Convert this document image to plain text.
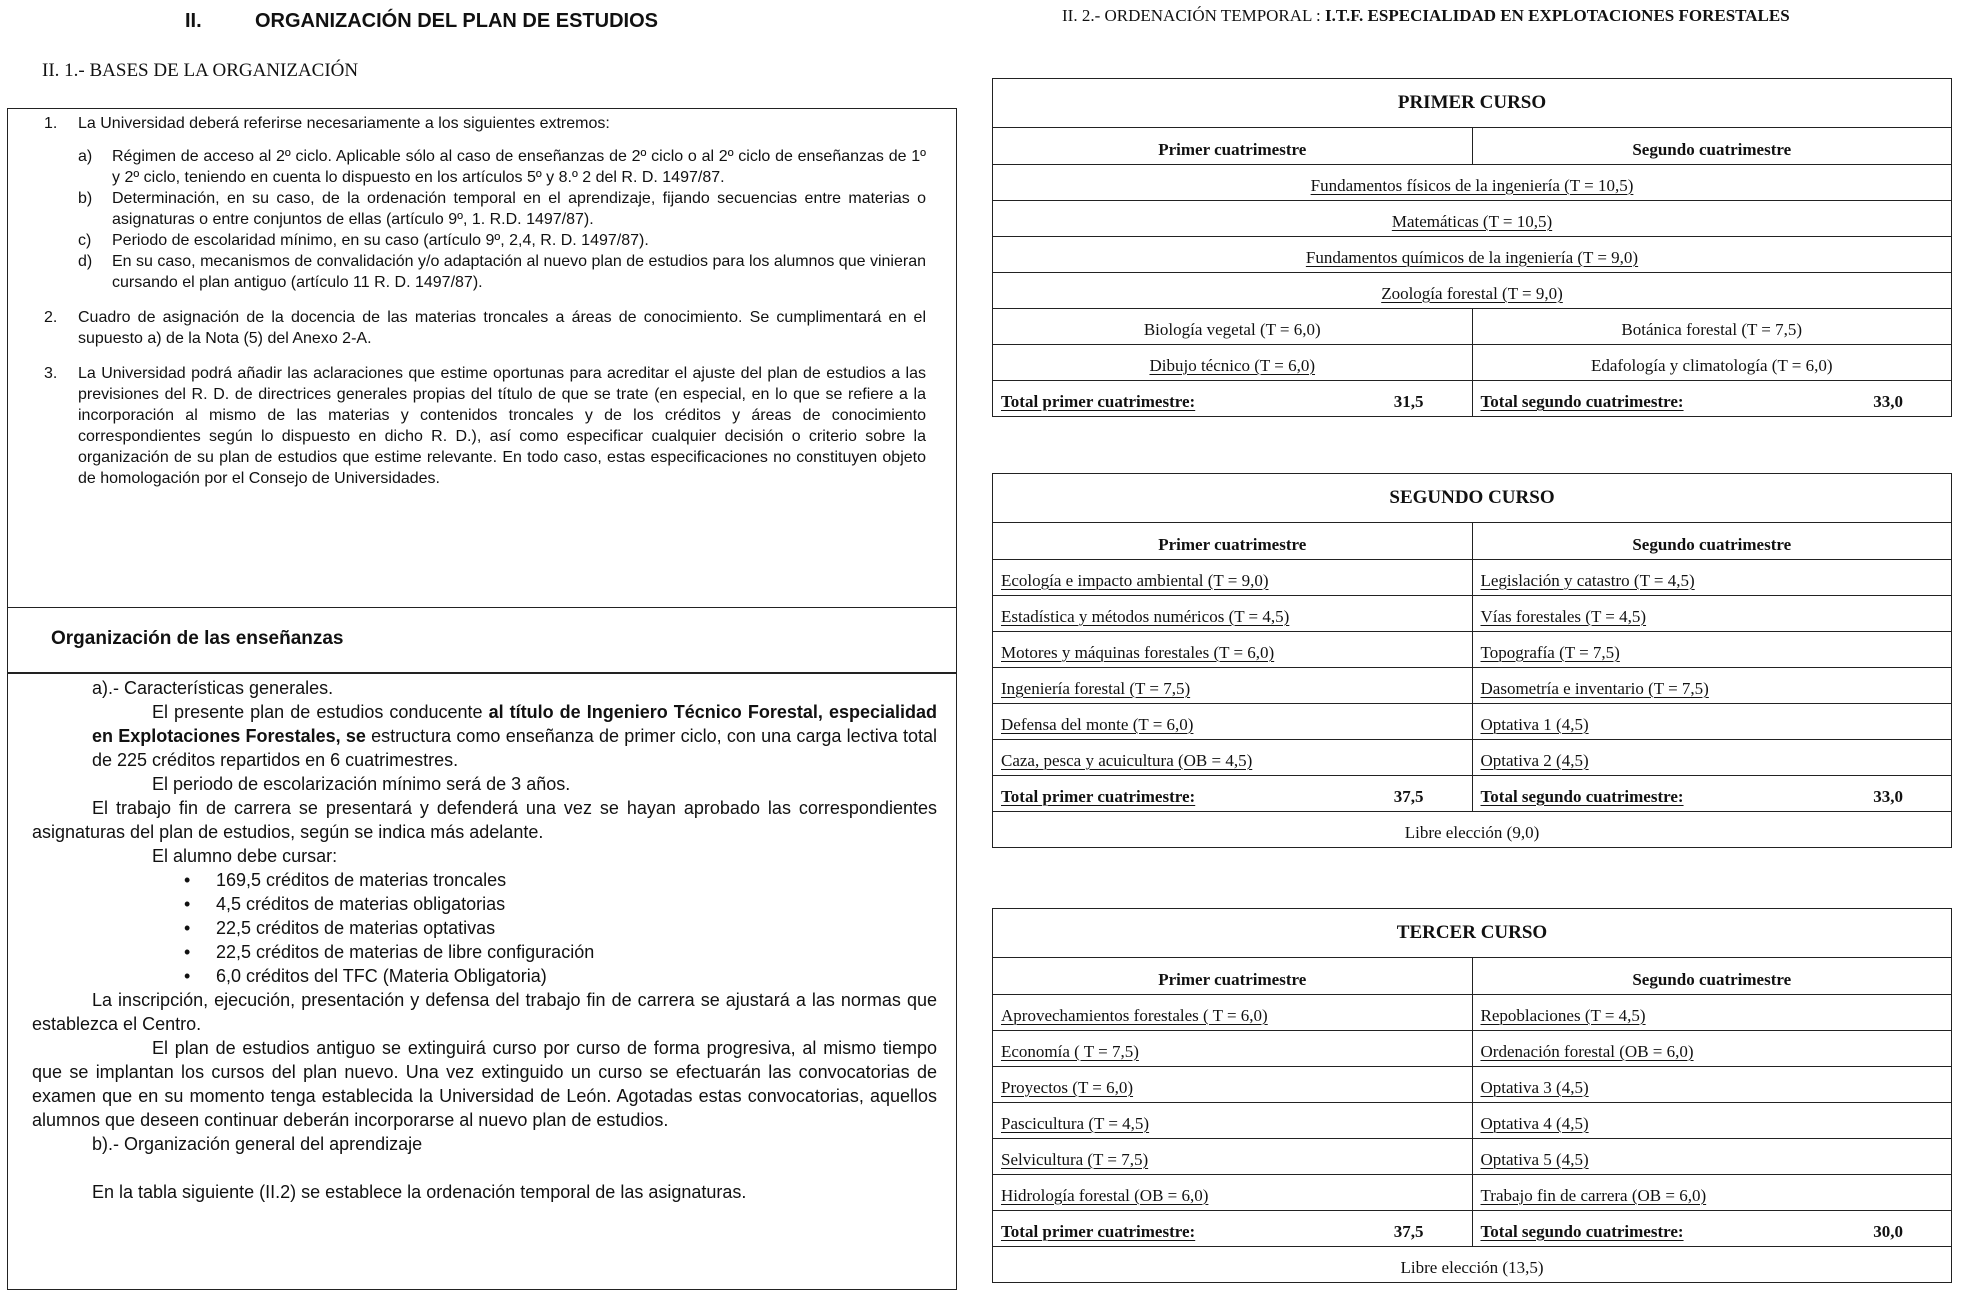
II.	ORGANIZACIÓN DEL PLAN DE ESTUDIOS
II. 1.- BASES DE LA ORGANIZACIÓN
1.	La Universidad deberá referirse necesariamente a los siguientes extremos:
a)	Régimen de acceso al 2º ciclo. Aplicable sólo al caso de enseñanzas de 2º ciclo o al 2º ciclo de enseñanzas de 1º y 2º ciclo, teniendo en cuenta lo dispuesto en los artículos 5º y 8.º 2 del R. D. 1497/87.
b)	Determinación, en su caso, de la ordenación temporal en el aprendizaje, fijando secuencias entre materias o asignaturas o entre conjuntos de ellas (artículo 9º, 1. R.D. 1497/87).
c)	Periodo de escolaridad mínimo, en su caso (artículo 9º, 2,4, R. D. 1497/87).
d)	En su caso, mecanismos de convalidación y/o adaptación al nuevo plan de estudios para los alumnos que vinieran cursando el plan antiguo (artículo 11 R. D. 1497/87).
2.	Cuadro de asignación de la docencia de las materias troncales a áreas de conocimiento. Se cumplimentará en el supuesto a) de la Nota (5) del Anexo 2-A.
3.	La Universidad podrá añadir las aclaraciones que estime oportunas para acreditar el ajuste del plan de estudios a las previsiones del R. D. de directrices generales propias del título de que se trate (en especial, en lo que se refiere a la incorporación al mismo de las materias y contenidos troncales y de los créditos y áreas de conocimiento correspondientes según lo dispuesto en dicho R. D.), así como especificar cualquier decisión o criterio sobre la organización de su plan de estudios que estime relevante. En todo caso, estas especificaciones no constituyen objeto de homologación por el Consejo de Universidades.
Organización de las enseñanzas
a).- Características generales.
El presente plan de estudios conducente al título de Ingeniero Técnico Forestal, especialidad en Explotaciones Forestales, se estructura como enseñanza de primer ciclo, con una carga lectiva total de 225 créditos repartidos en 6 cuatrimestres.
El periodo de escolarización mínimo será de 3 años.
El trabajo fin de carrera se presentará y defenderá una vez se hayan aprobado las correspondientes asignaturas del plan de estudios, según se indica más adelante.
El alumno debe cursar:
• 169,5 créditos de materias troncales
• 4,5 créditos de materias obligatorias
• 22,5 créditos de materias optativas
• 22,5 créditos de materias de libre configuración
• 6,0 créditos del TFC (Materia Obligatoria)
La inscripción, ejecución, presentación y defensa del trabajo fin de carrera se ajustará a las normas que establezca el Centro.
El plan de estudios antiguo se extinguirá curso por curso de forma progresiva, al mismo tiempo que se implantan los cursos del plan nuevo. Una vez extinguido un curso se efectuarán las convocatorias de examen que en su momento tenga establecida la Universidad de León. Agotadas estas convocatorias, aquellos alumnos que deseen continuar deberán incorporarse al nuevo plan de estudios.
b).- Organización general del aprendizaje
En la tabla siguiente (II.2) se establece la ordenación temporal de las asignaturas.
II. 2.- ORDENACIÓN TEMPORAL : I.T.F. ESPECIALIDAD EN EXPLOTACIONES FORESTALES
PRIMER CURSO
Primer cuatrimestre	Segundo cuatrimestre
Fundamentos físicos de la ingeniería (T = 10,5)	
Matemáticas (T = 10,5)	
Fundamentos químicos de la ingeniería (T = 9,0)	
Zoología forestal (T = 9,0)	
Biología vegetal (T = 6,0)	Botánica forestal (T = 7,5)
Dibujo técnico (T = 6,0)	Edafología y climatología (T = 6,0)
Total primer cuatrimestre: 31,5	Total segundo cuatrimestre: 33,0
SEGUNDO CURSO
Primer cuatrimestre	Segundo cuatrimestre
Ecología e impacto ambiental (T = 9,0)	Legislación y catastro (T = 4,5)
Estadística y métodos numéricos (T = 4,5)	Vías forestales (T = 4,5)
Motores y máquinas forestales (T = 6,0)	Topografía (T = 7,5)
Ingeniería forestal (T = 7,5)	Dasometría e inventario (T = 7,5)
Defensa del monte (T = 6,0)	Optativa 1 (4,5)
Caza, pesca y acuicultura (OB = 4,5)	Optativa 2 (4,5)
Total primer cuatrimestre: 37,5	Total segundo cuatrimestre: 33,0

Libre elección (9,0)	
TERCER CURSO
Primer cuatrimestre	Segundo cuatrimestre
Aprovechamientos forestales ( T = 6,0)	Repoblaciones (T = 4,5)
Economía ( T = 7,5)	Ordenación forestal (OB = 6,0)
Proyectos (T = 6,0)	Optativa 3 (4,5)
Pascicultura (T = 4,5)	Optativa 4 (4,5)
Selvicultura (T = 7,5)	Optativa 5 (4,5)
Hidrología forestal (OB = 6,0)	Trabajo fin de carrera (OB = 6,0)
Total primer cuatrimestre: 37,5	Total segundo cuatrimestre: 30,0

Libre elección (13,5)	
